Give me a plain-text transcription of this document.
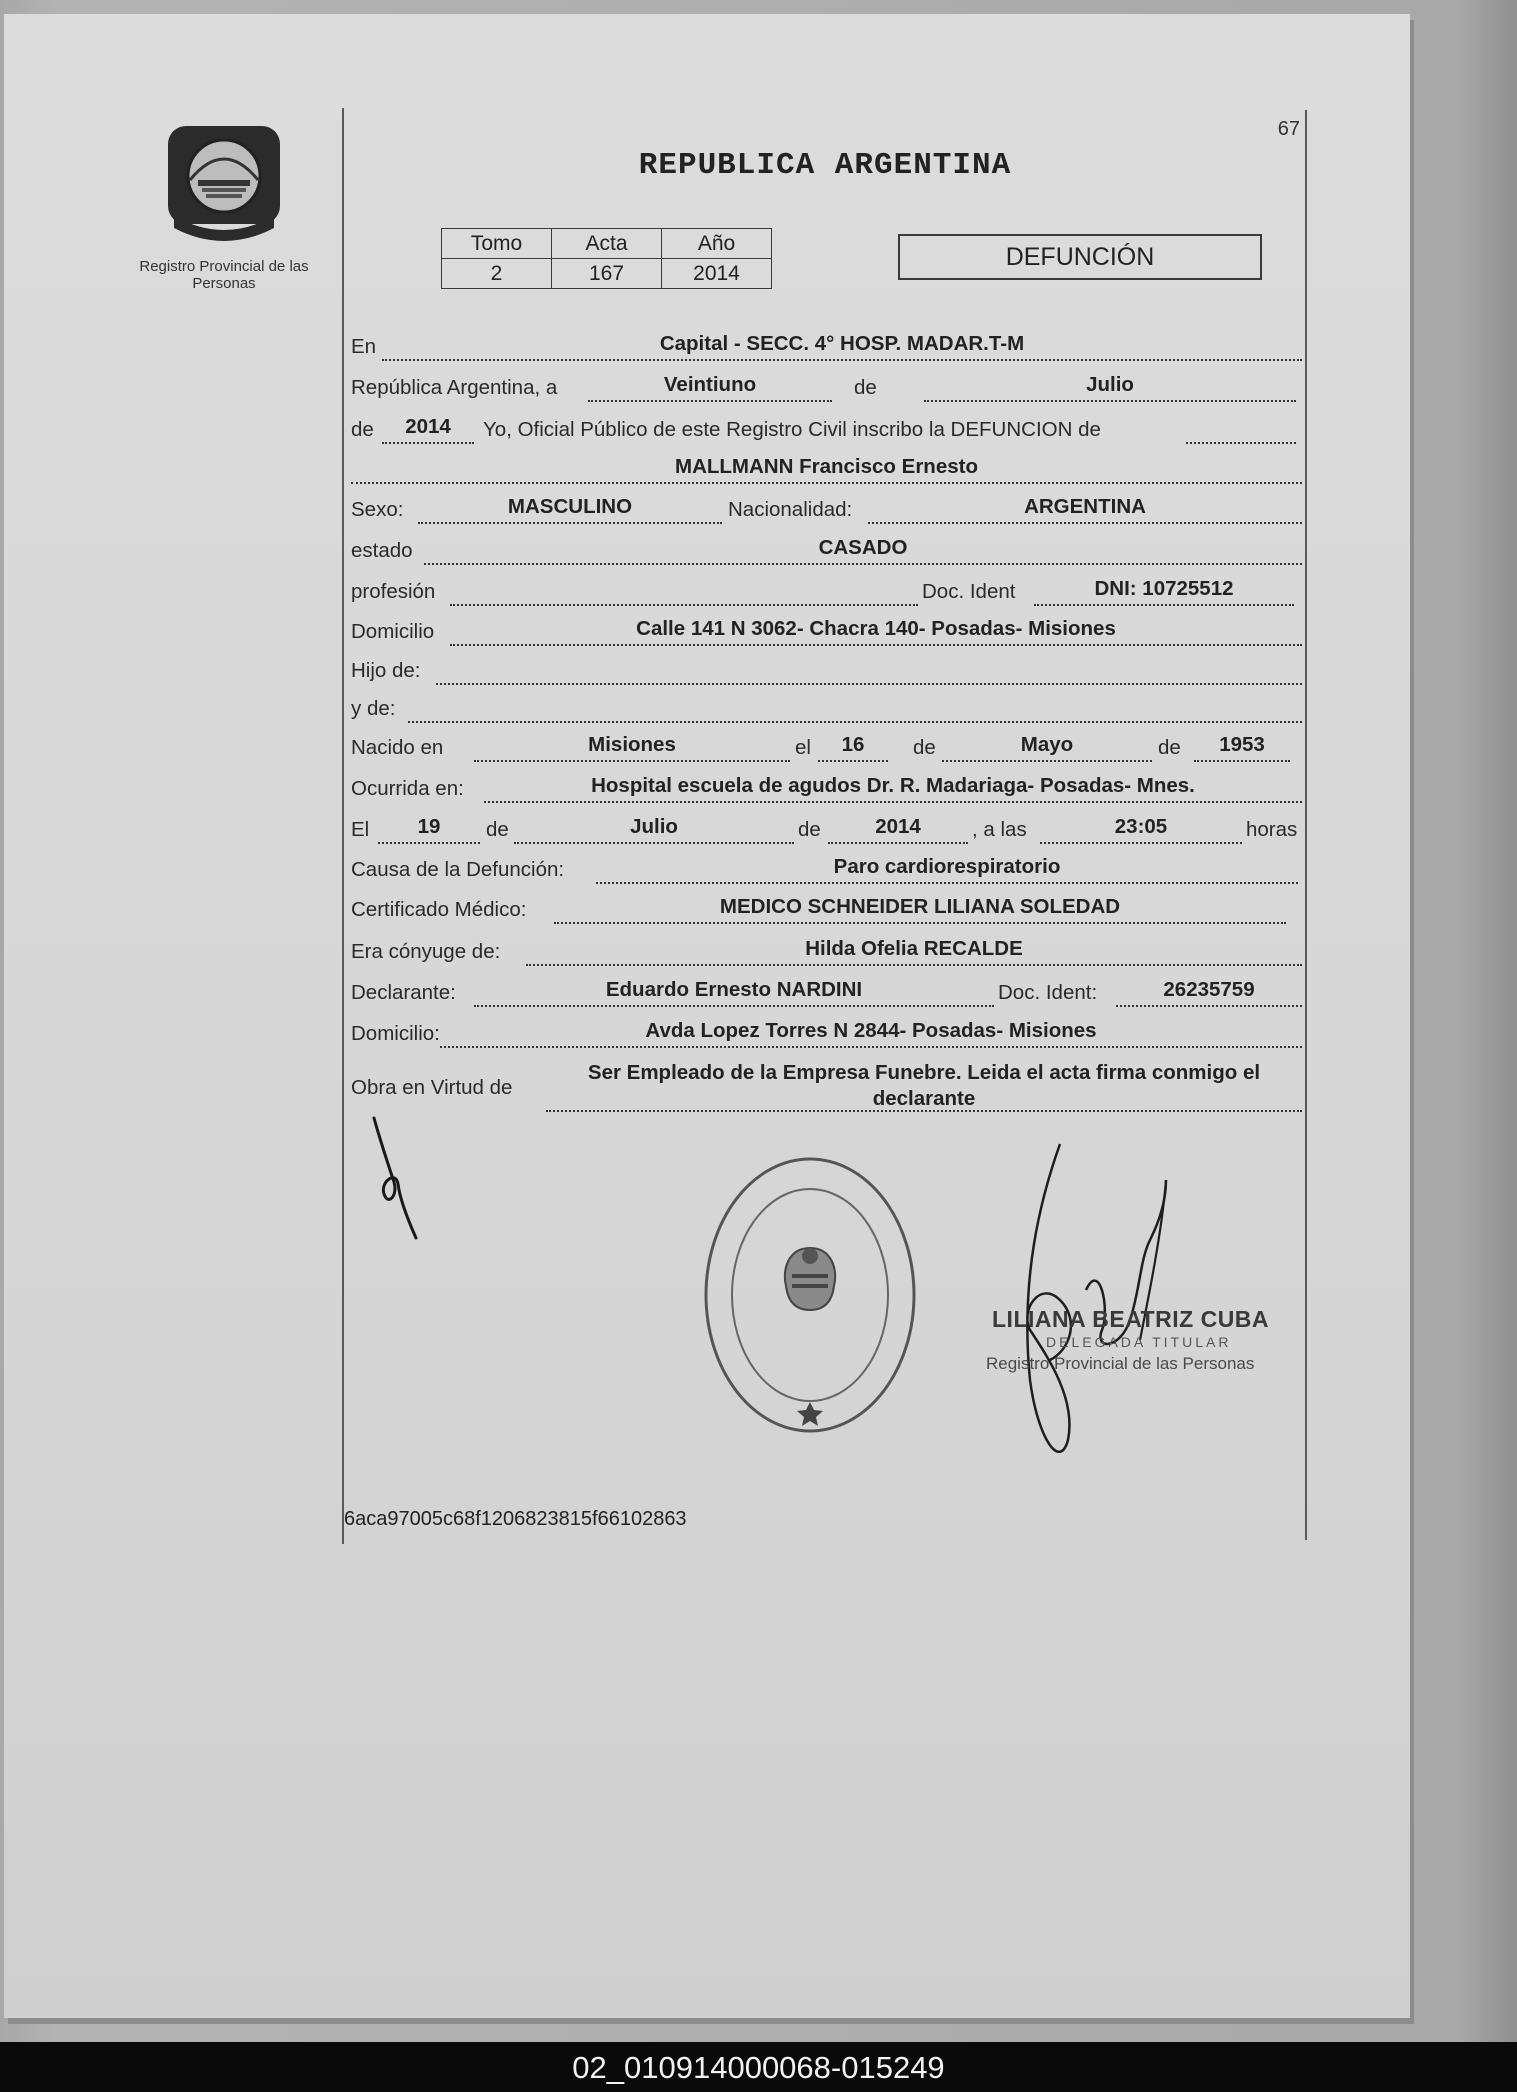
Registro Provincial de las Personas
67
REPUBLICA ARGENTINA
Tomo	Acta	Año
2	167	2014
DEFUNCIÓN
En	Capital - SECC. 4° HOSP. MADAR.T-M
República Argentina, a	Veintiuno	de	Julio
de	2014	Yo, Oficial Público de este Registro Civil inscribo la DEFUNCION de
MALLMANN Francisco Ernesto
Sexo:	MASCULINO	Nacionalidad:	ARGENTINA
estado	CASADO
profesión	Doc. Ident	DNI: 10725512
Domicilio	Calle 141 N 3062- Chacra 140- Posadas- Misiones
Hijo de:
y de:
Nacido en	Misiones	el	16	de	Mayo	de	1953
Ocurrida en:	Hospital escuela de agudos Dr. R. Madariaga- Posadas- Mnes.
El	19	de	Julio	de	2014	, a las	23:05	horas
Causa de la Defunción:	Paro cardiorespiratorio
Certificado Médico:	MEDICO SCHNEIDER LILIANA SOLEDAD
Era cónyuge de:	Hilda Ofelia RECALDE
Declarante:	Eduardo Ernesto NARDINI	Doc. Ident:	26235759
Domicilio:	Avda Lopez Torres N 2844- Posadas- Misiones
Obra en Virtud de
Ser Empleado de la Empresa Funebre. Leida el acta firma conmigo el declarante
LILIANA BEATRIZ CUBA
DELEGADA TITULAR
Registro Provincial de las Personas
6aca97005c68f1206823815f66102863
02_010914000068-015249
